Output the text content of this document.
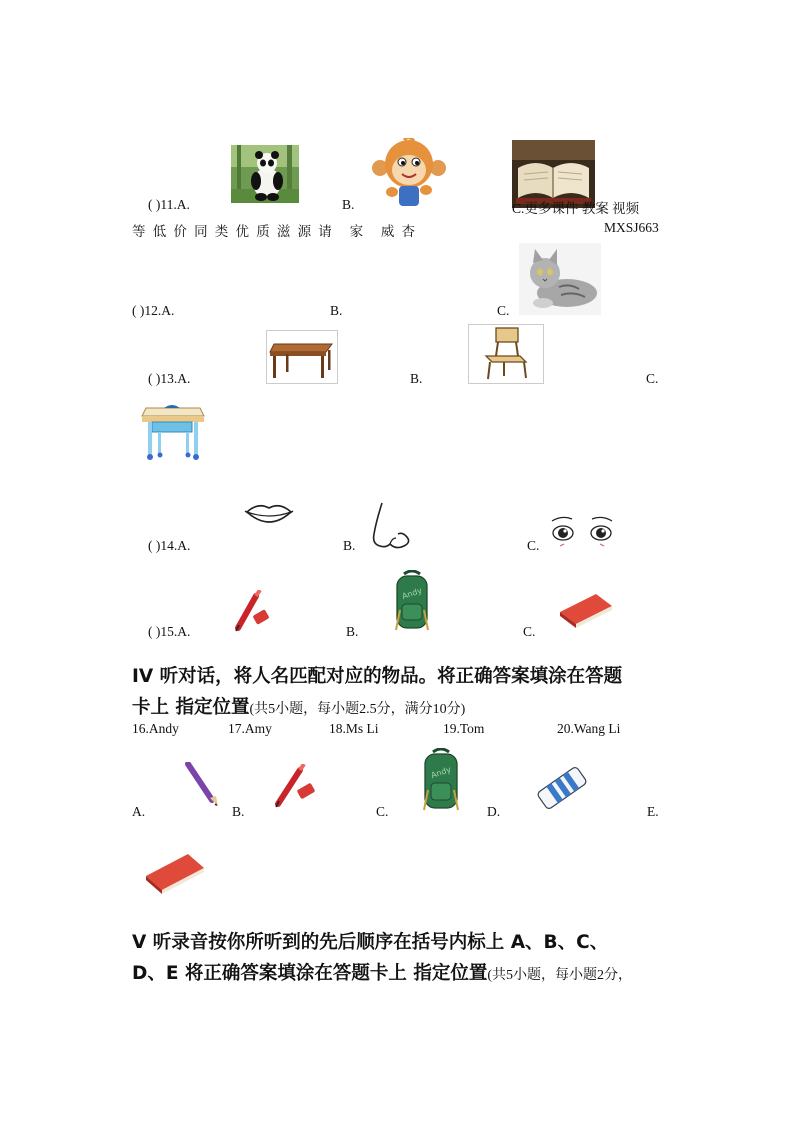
( )11.A.	B.	C.更多课件 教案 视频
等低价同类优质滋源请 家 威杏	MXSJ663
( )12.A.	B.	C.
( )13.A.	B.	C.
( )14.A.	B.	C.
Andy
( )15.A.	B.	C.
IV 听对话，将人名匹配对应的物品。将正确答案填涂在答题
卡上 指定位置(共5小题，每小题2.5分，满分10分)
16.Andy	17.Amy	18.Ms Li	19.Tom	20.Wang Li
Andy
A.	B.	C.	D.	E.
V 听录音按你所听到的先后顺序在括号内标上 A、B、C、
D、E 将正确答案填涂在答题卡上 指定位置(共5小题，每小题2分，
